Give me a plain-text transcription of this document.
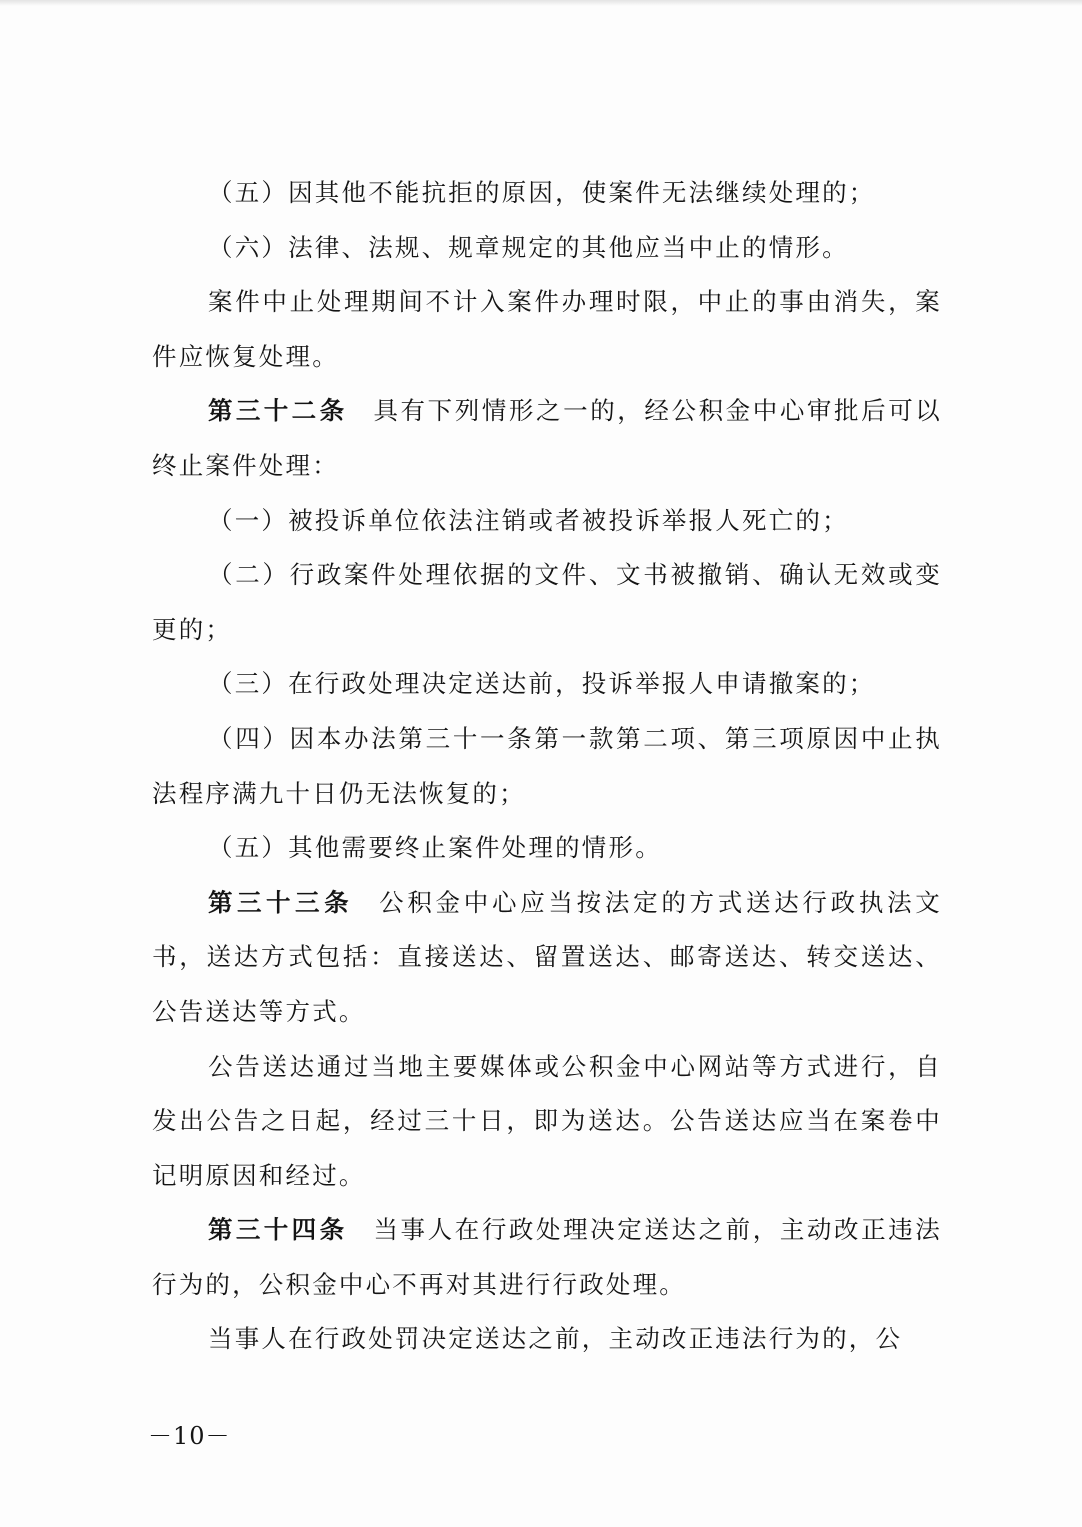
（五）因其他不能抗拒的原因，使案件无法继续处理的；

（六）法律、法规、规章规定的其他应当中止的情形。

案件中止处理期间不计入案件办理时限，中止的事由消失，案件应恢复处理。

第三十二条 具有下列情形之一的，经公积金中心审批后可以终止案件处理：

（一）被投诉单位依法注销或者被投诉举报人死亡的；

（二）行政案件处理依据的文件、文书被撤销、确认无效或变更的；

（三）在行政处理决定送达前，投诉举报人申请撤案的；

（四）因本办法第三十一条第一款第二项、第三项原因中止执法程序满九十日仍无法恢复的；

（五）其他需要终止案件处理的情形。

第三十三条 公积金中心应当按法定的方式送达行政执法文书，送达方式包括：直接送达、留置送达、邮寄送达、转交送达、公告送达等方式。

公告送达通过当地主要媒体或公积金中心网站等方式进行，自发出公告之日起，经过三十日，即为送达。公告送达应当在案卷中记明原因和经过。

第三十四条 当事人在行政处理决定送达之前，主动改正违法行为的，公积金中心不再对其进行行政处理。

当事人在行政处罚决定送达之前，主动改正违法行为的，公

－10－
